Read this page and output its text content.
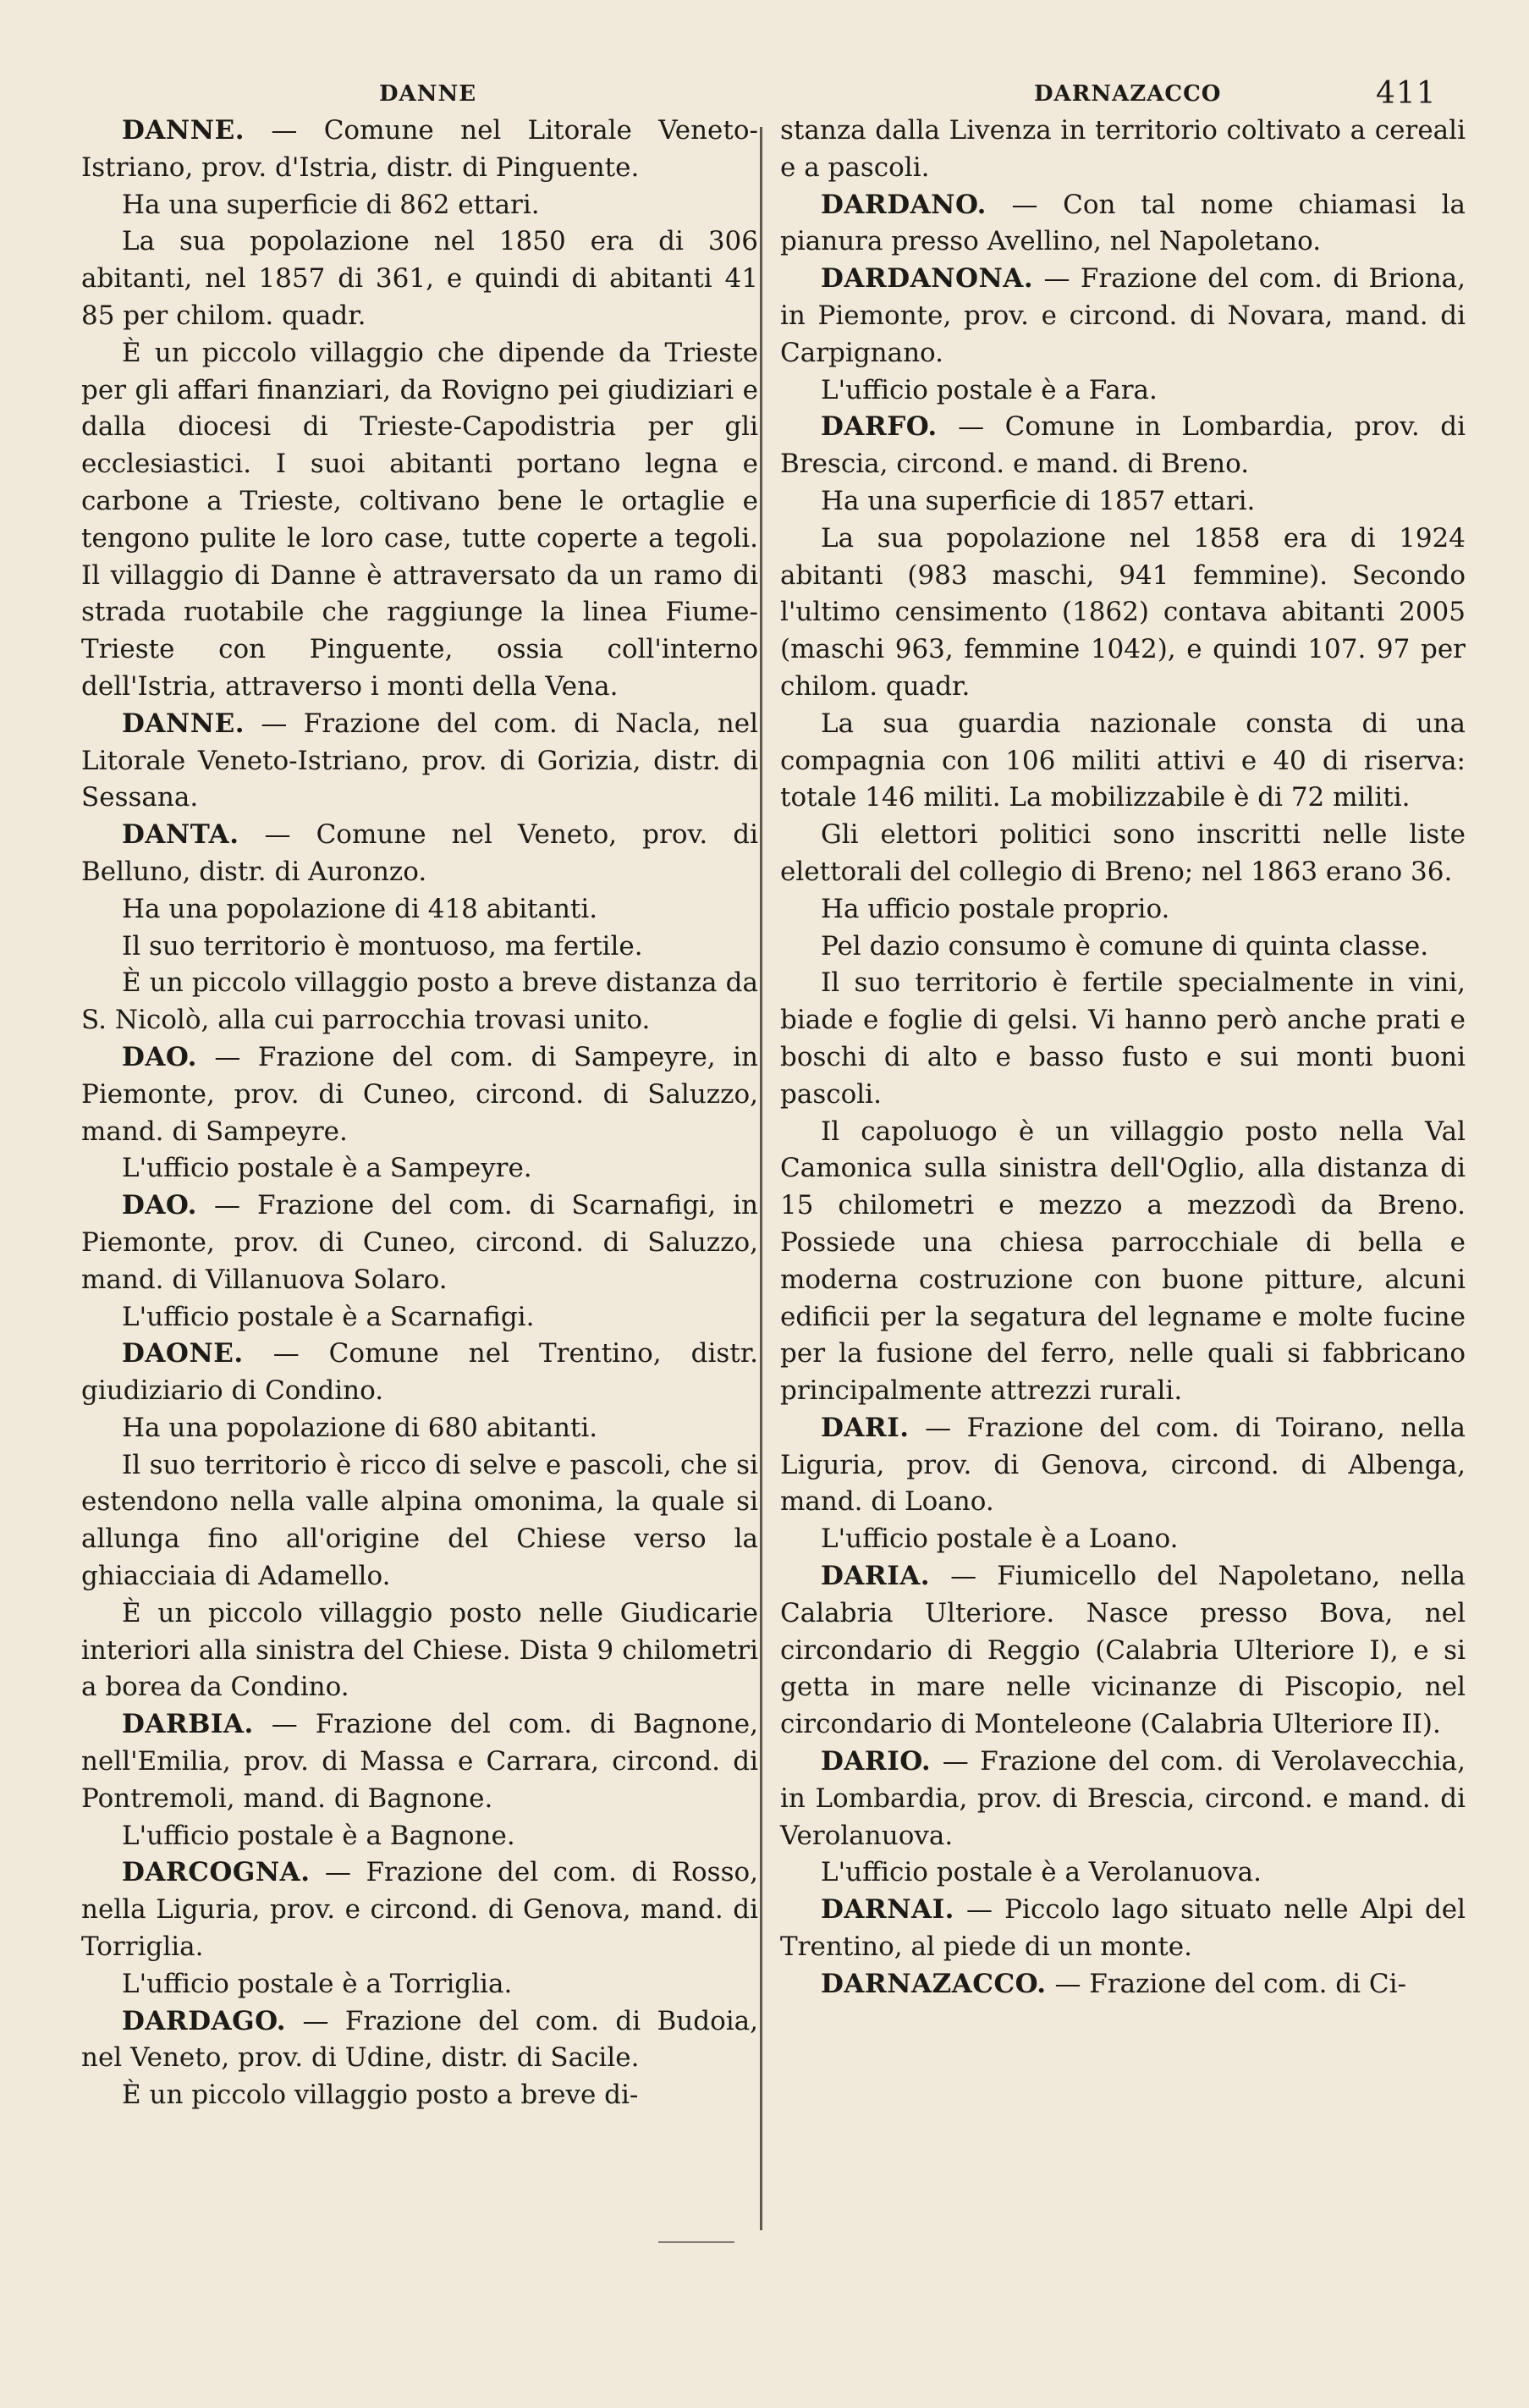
DANNE	DARNAZACCO	411

DANNE. — Comune nel Litorale Veneto-Istriano, prov. d'Istria, distr. di Pinguente.

Ha una superficie di 862 ettari.

La sua popolazione nel 1850 era di 306 abitanti, nel 1857 di 361, e quindi di abitanti 41 85 per chilom. quadr.

È un piccolo villaggio che dipende da Trieste per gli affari finanziari, da Rovigno pei giudiziari e dalla diocesi di Trieste-Capodistria per gli ecclesiastici. I suoi abitanti portano legna e carbone a Trieste, coltivano bene le ortaglie e tengono pulite le loro case, tutte coperte a tegoli. Il villaggio di Danne è attraversato da un ramo di strada ruotabile che raggiunge la linea Fiume-Trieste con Pinguente, ossia coll'interno dell'Istria, attraverso i monti della Vena.

DANNE. — Frazione del com. di Nacla, nel Litorale Veneto-Istriano, prov. di Gorizia, distr. di Sessana.

DANTA. — Comune nel Veneto, prov. di Belluno, distr. di Auronzo.

Ha una popolazione di 418 abitanti.

Il suo territorio è montuoso, ma fertile.

È un piccolo villaggio posto a breve distanza da S. Nicolò, alla cui parrocchia trovasi unito.

DAO. — Frazione del com. di Sampeyre, in Piemonte, prov. di Cuneo, circond. di Saluzzo, mand. di Sampeyre.

L'ufficio postale è a Sampeyre.

DAO. — Frazione del com. di Scarnafigi, in Piemonte, prov. di Cuneo, circond. di Saluzzo, mand. di Villanuova Solaro.

L'ufficio postale è a Scarnafigi.

DAONE. — Comune nel Trentino, distr. giudiziario di Condino.

Ha una popolazione di 680 abitanti.

Il suo territorio è ricco di selve e pascoli, che si estendono nella valle alpina omonima, la quale si allunga fino all'origine del Chiese verso la ghiacciaia di Adamello.

È un piccolo villaggio posto nelle Giudicarie interiori alla sinistra del Chiese. Dista 9 chilometri a borea da Condino.

DARBIA. — Frazione del com. di Bagnone, nell'Emilia, prov. di Massa e Carrara, circond. di Pontremoli, mand. di Bagnone.

L'ufficio postale è a Bagnone.

DARCOGNA. — Frazione del com. di Rosso, nella Liguria, prov. e circond. di Genova, mand. di Torriglia.

L'ufficio postale è a Torriglia.

DARDAGO. — Frazione del com. di Budoia, nel Veneto, prov. di Udine, distr. di Sacile.

È un piccolo villaggio posto a breve di-

stanza dalla Livenza in territorio coltivato a cereali e a pascoli.

DARDANO. — Con tal nome chiamasi la pianura presso Avellino, nel Napoletano.

DARDANONA. — Frazione del com. di Briona, in Piemonte, prov. e circond. di Novara, mand. di Carpignano.

L'ufficio postale è a Fara.

DARFO. — Comune in Lombardia, prov. di Brescia, circond. e mand. di Breno.

Ha una superficie di 1857 ettari.

La sua popolazione nel 1858 era di 1924 abitanti (983 maschi, 941 femmine). Secondo l'ultimo censimento (1862) contava abitanti 2005 (maschi 963, femmine 1042), e quindi 107. 97 per chilom. quadr.

La sua guardia nazionale consta di una compagnia con 106 militi attivi e 40 di riserva: totale 146 militi. La mobilizzabile è di 72 militi.

Gli elettori politici sono inscritti nelle liste elettorali del collegio di Breno; nel 1863 erano 36.

Ha ufficio postale proprio.

Pel dazio consumo è comune di quinta classe.

Il suo territorio è fertile specialmente in vini, biade e foglie di gelsi. Vi hanno però anche prati e boschi di alto e basso fusto e sui monti buoni pascoli.

Il capoluogo è un villaggio posto nella Val Camonica sulla sinistra dell'Oglio, alla distanza di 15 chilometri e mezzo a mezzodì da Breno. Possiede una chiesa parrocchiale di bella e moderna costruzione con buone pitture, alcuni edificii per la segatura del legname e molte fucine per la fusione del ferro, nelle quali si fabbricano principalmente attrezzi rurali.

DARI. — Frazione del com. di Toirano, nella Liguria, prov. di Genova, circond. di Albenga, mand. di Loano.

L'ufficio postale è a Loano.

DARIA. — Fiumicello del Napoletano, nella Calabria Ulteriore. Nasce presso Bova, nel circondario di Reggio (Calabria Ulteriore I), e si getta in mare nelle vicinanze di Piscopio, nel circondario di Monteleone (Calabria Ulteriore II).

DARIO. — Frazione del com. di Verolavecchia, in Lombardia, prov. di Brescia, circond. e mand. di Verolanuova.

L'ufficio postale è a Verolanuova.

DARNAI. — Piccolo lago situato nelle Alpi del Trentino, al piede di un monte.

DARNAZACCO. — Frazione del com. di Ci-
